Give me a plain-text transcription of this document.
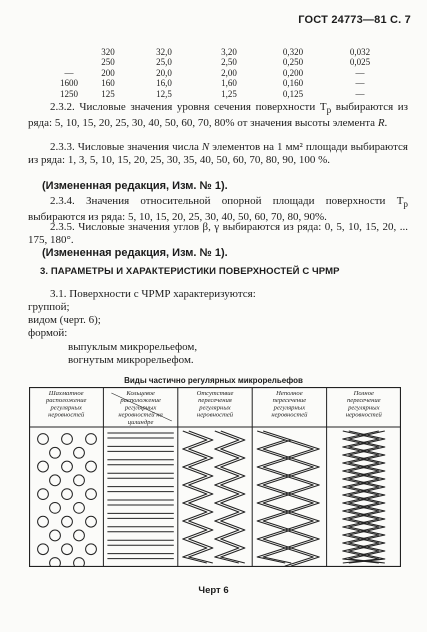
ГОСТ 24773—81 С. 7
	320	32,0	3,20	0,320	0,032
	250	25,0	2,50	0,250	0,025
—	200	20,0	2,00	0,200	—
1600	160	16,0	1,60	0,160	—
1250	125	12,5	1,25	0,125	—
2.3.2. Числовые значения уровня сечения поверхности $T_p$ выбираются из ряда: 5, 10, 15, 20, 25, 30, 40, 50, 60, 70, 80% от значения высоты элемента R.
2.3.3. Числовые значения числа N элементов на 1 мм² площади выбираются из ряда: 1, 3, 5, 10, 15, 20, 25, 30, 35, 40, 50, 60, 70, 80, 90, 100 %.
(Измененная редакция, Изм. № 1).
2.3.4. Значения относительной опорной площади поверхности $T_p$ выбираются из ряда: 5, 10, 15, 20, 25, 30, 40, 50, 60, 70, 80, 90%.
2.3.5. Числовые значения углов β, γ выбираются из ряда: 0, 5, 10, 15, 20, ... 175, 180°.
(Измененная редакция, Изм. № 1).
3. ПАРАМЕТРЫ И ХАРАКТЕРИСТИКИ ПОВЕРХНОСТЕЙ С ЧРМР
3.1. Поверхности с ЧРМР характеризуются:
группой;
видом (черт. 6);
формой:
выпуклым микрорельефом,
вогнутым микрорельефом.
Виды частично регулярных микрорельефов
Шахматное расположение регулярных неровностей
Кольцевое расположение регулярных неровностей на цилиндре
Отсутствие пересечения регулярных неровностей
Неполное пересечение регулярных неровностей
Полное пересечение регулярных неровностей
Черт 6
